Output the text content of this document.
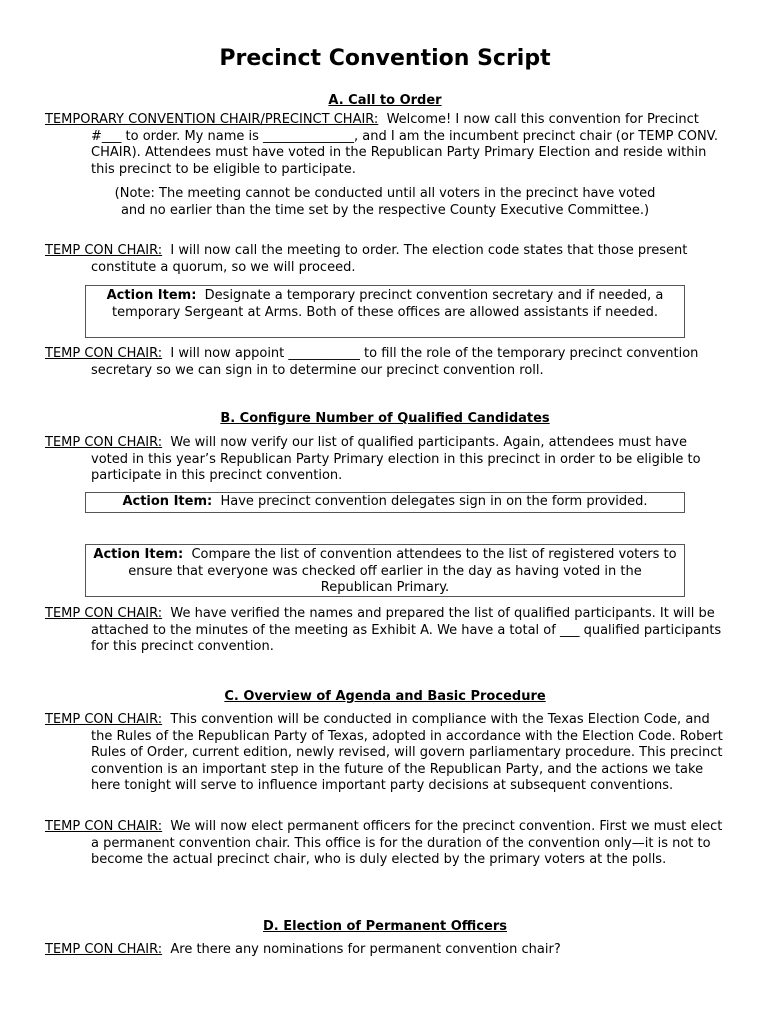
Precinct Convention Script
A. Call to Order

TEMPORARY CONVENTION CHAIR/PRECINCT CHAIR: Welcome! I now call this convention for Precinct #___ to order. My name is ______________, and I am the incumbent precinct chair (or TEMP CONV. CHAIR). Attendees must have voted in the Republican Party Primary Election and reside within this precinct to be eligible to participate.

(Note: The meeting cannot be conducted until all voters in the precinct have voted and no earlier than the time set by the respective County Executive Committee.)

TEMP CON CHAIR: I will now call the meeting to order. The election code states that those present constitute a quorum, so we will proceed.

Action Item: Designate a temporary precinct convention secretary and if needed, a temporary Sergeant at Arms. Both of these offices are allowed assistants if needed.

TEMP CON CHAIR: I will now appoint ___________ to fill the role of the temporary precinct convention secretary so we can sign in to determine our precinct convention roll.

B. Configure Number of Qualified Candidates

TEMP CON CHAIR: We will now verify our list of qualified participants. Again, attendees must have voted in this year’s Republican Party Primary election in this precinct in order to be eligible to participate in this precinct convention.

Action Item: Have precinct convention delegates sign in on the form provided.
Action Item: Compare the list of convention attendees to the list of registered voters to ensure that everyone was checked off earlier in the day as having voted in the Republican Primary.

TEMP CON CHAIR: We have verified the names and prepared the list of qualified participants. It will be attached to the minutes of the meeting as Exhibit A. We have a total of ___ qualified participants for this precinct convention.

C. Overview of Agenda and Basic Procedure

TEMP CON CHAIR: This convention will be conducted in compliance with the Texas Election Code, and the Rules of the Republican Party of Texas, adopted in accordance with the Election Code. Robert Rules of Order, current edition, newly revised, will govern parliamentary procedure. This precinct convention is an important step in the future of the Republican Party, and the actions we take here tonight will serve to influence important party decisions at subsequent conventions.

TEMP CON CHAIR: We will now elect permanent officers for the precinct convention. First we must elect a permanent convention chair. This office is for the duration of the convention only—it is not to become the actual precinct chair, who is duly elected by the primary voters at the polls.

D. Election of Permanent Officers

TEMP CON CHAIR: Are there any nominations for permanent convention chair?
